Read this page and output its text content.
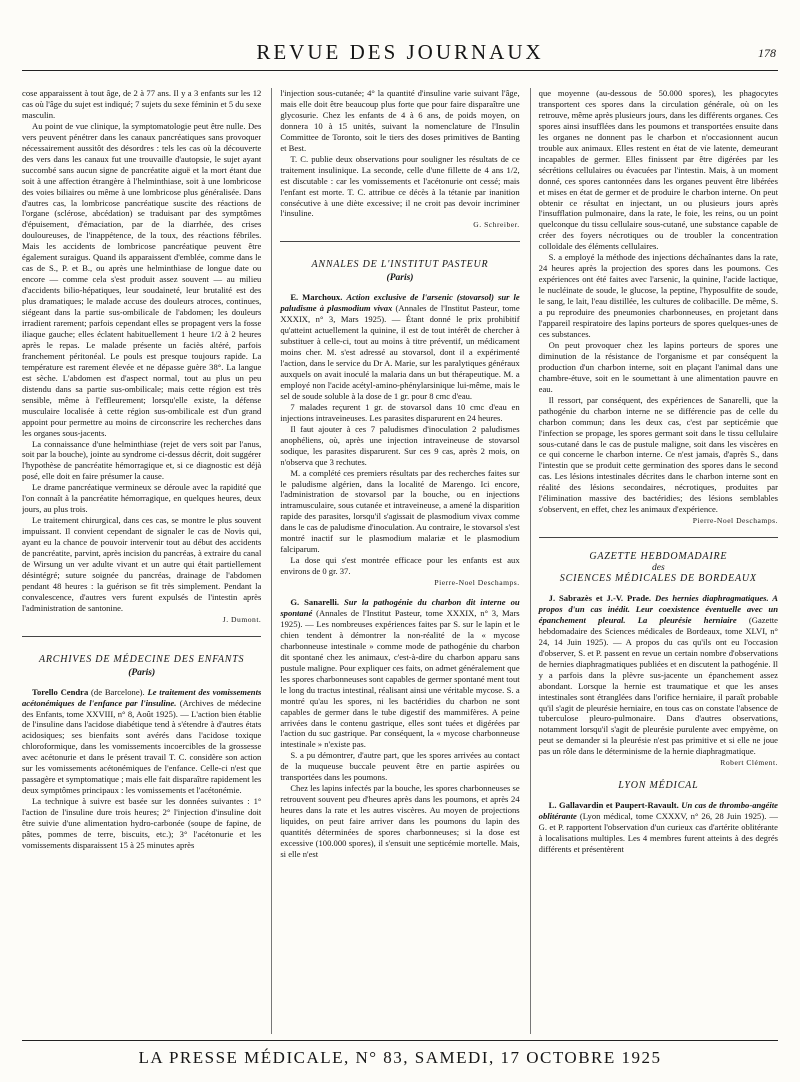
REVUE DES JOURNAUX	178

cose apparaissent à tout âge, de 2 à 77 ans. Il y a 3 enfants sur les 12 cas où l'âge du sujet est indiqué; 7 sujets du sexe féminin et 5 du sexe masculin.

Au point de vue clinique, la symptomatologie peut être nulle. Des vers peuvent pénétrer dans les canaux pancréatiques sans provoquer nécessairement aussitôt des désordres : tels les cas où la découverte des vers dans les canaux fut une trouvaille d'autopsie, le sujet ayant succombé sans aucun signe de pancréatite aiguë et la mort étant due soit à une affection étrangère à l'helminthiase, soit à une lombricose des voies biliaires ou même à une lombricose plus généralisée. Dans d'autres cas, la lombricose pancréatique suscite des réactions de l'organe (sclérose, abcédation) se traduisant par des symptômes d'épuisement, d'émaciation, par de la diarrhée, des crises douloureuses, de l'inappétence, de la toux, des réactions fébriles. Mais les accidents de lombricose pancréatique peuvent être également suraigus. Quand ils apparaissent d'emblée, comme dans le cas de S., P. et B., ou après une helminthiase de longue date ou encore — comme cela s'est produit assez souvent — au milieu d'accidents bilio-hépatiques, leur soudaineté, leur brutalité est des plus dramatiques; le malade accuse des douleurs atroces, continues, siégeant dans la partie sus-ombilicale de l'abdomen; les douleurs irradient rarement; parfois cependant elles se propagent vers la fosse iliaque gauche; elles éclatent habituellement 1 heure 1/2 à 2 heures après le repas. Le malade présente un faciès altéré, parfois franchement péritonéal. Le pouls est presque toujours rapide. La température est rarement élevée et ne dépasse guère 38°. La langue est sèche. L'abdomen est d'aspect normal, tout au plus un peu distendu dans sa partie sus-ombilicale; mais cette région est très sensible, même à l'effleurement; lorsqu'elle existe, la défense musculaire localisée à cette région sus-ombilicale est d'un grand appoint pour permettre au moins de circonscrire les recherches dans les organes sous-jacents.

La connaissance d'une helminthiase (rejet de vers soit par l'anus, soit par la bouche), jointe au syndrome ci-dessus décrit, doit suggérer l'hypothèse de pancréatite hémorragique et, si ce diagnostic est déjà posé, elle doit en faire présumer la cause.

Le drame pancréatique vermineux se déroule avec la rapidité que l'on connaît à la pancréatite hémorragique, en quelques heures, deux jours, au plus trois.

Le traitement chirurgical, dans ces cas, se montre le plus souvent impuissant. Il convient cependant de signaler le cas de Novis qui, ayant eu la chance de pouvoir intervenir tout au début des accidents de pancréatite, parvint, après incision du pancréas, à extraire du canal de Wirsung un ver adulte vivant et un autre qui était partiellement désintégré; suture soignée du pancréas, drainage de l'abdomen pendant 48 heures : la guérison se fit très simplement. Pendant la convalescence, d'autres vers furent expulsés de l'intestin après l'administration de santonine.

J. Dumont.

ARCHIVES DE MÉDECINE DES ENFANTS
(Paris)

Torello Cendra (de Barcelone). Le traitement des vomissements acétonémiques de l'enfance par l'insuline. (Archives de médecine des Enfants, tome XXVIII, n° 8, Août 1925). — L'action bien établie de l'insuline dans l'acidose diabétique tend à s'étendre à d'autres états acidosiques; ses bienfaits sont avérés dans l'acidose toxique chloroformique, dans les vomissements incoercibles de la grossesse avec acétonurie et dans le présent travail T. C. considère son action sur les vomissements acétonémiques de l'enfance. Celle-ci n'est que passagère et symptomatique ; mais elle fait disparaître rapidement les deux symptômes principaux : les vomissements et l'acétonémie.

La technique à suivre est basée sur les données suivantes : 1° l'action de l'insuline dure trois heures; 2° l'injection d'insuline doit être suivie d'une alimentation hydro-carbonée (soupe de fapine, de pâtes, pommes de terre, biscuits, etc.); 3° l'acétonurie et les vomissements disparaissent 15 à 25 minutes après

l'injection sous-cutanée; 4° la quantité d'insuline varie suivant l'âge, mais elle doit être beaucoup plus forte que pour faire disparaître une glycosurie. Chez les enfants de 4 à 6 ans, de poids moyen, on donnera 10 à 15 unités, suivant la nomenclature de l'Insulin Committee de Toronto, soit le tiers des doses primitives de Banting et Best.

T. C. publie deux observations pour souligner les résultats de ce traitement insulinique. La seconde, celle d'une fillette de 4 ans 1/2, est discutable : car les vomissements et l'acétonurie ont cessé; mais l'enfant est morte. T. C. attribue ce décès à la tétanie par inanition consécutive à une diète excessive; il ne croit pas devoir incriminer l'insuline.

G. Schreiber.

ANNALES DE L'INSTITUT PASTEUR
(Paris)

E. Marchoux. Action exclusive de l'arsenic (stovarsol) sur le paludisme à plasmodium vivax (Annales de l'Institut Pasteur, tome XXXIX, n° 3, Mars 1925). — Étant donné le prix prohibitif qu'atteint actuellement la quinine, il est de tout intérêt de chercher à substituer à celle-ci, tout au moins à titre préventif, un médicament moins cher. M. s'est adressé au stovarsol, dont il a expérimenté l'action, dans le service du Dr A. Marie, sur les paralytiques généraux auxquels on avait inoculé la malaria dans un but thérapeutique. M. a employé non l'acide acétyl-amino-phénylarsinique lui-même, mais le sel de soude soluble à la dose de 1 gr. pour 8 cmc d'eau.

7 malades reçurent 1 gr. de stovarsol dans 10 cmc d'eau en injections intraveineuses. Les parasites disparurent en 24 heures.

Il faut ajouter à ces 7 paludismes d'inoculation 2 paludismes anophéliens, où, après une injection intraveineuse de stovarsol sodique, les parasites disparurent. Sur ces 9 cas, après 2 mois, on n'observa que 3 rechutes.

M. a complété ces premiers résultats par des recherches faites sur le paludisme algérien, dans la localité de Marengo. Ici encore, l'administration de stovarsol par la bouche, ou en injections intramusculaire, sous cutanée et intraveineuse, a amené la disparition rapide des parasites, lorsqu'il s'agissait de plasmodium vivax comme dans le cas de paludisme d'inoculation. Au contraire, le stovarsol s'est montré inactif sur le plasmodium malariæ et le plasmodium falciparum.

La dose qui s'est montrée efficace pour les enfants est aux environs de 0 gr. 37.

Pierre-Noel Deschamps.

G. Sanarelli. Sur la pathogénie du charbon dit interne ou spontané (Annales de l'Institut Pasteur, tome XXXIX, n° 3, Mars 1925). — Les nombreuses expériences faites par S. sur le lapin et le chien tendent à démontrer la non-réalité de la « mycose charbonneuse intestinale » comme mode de pathogénie du charbon dit spontané chez les animaux, c'est-à-dire du charbon apparu sans pustule maligne. Pour expliquer ces faits, on admet généralement que les spores charbonneuses sont capables de germer spontané ment tout le long du tractus intestinal, réalisant ainsi une véritable mycose. S. a montré qu'au les spores, ni les bactéridies du charbon ne sont capables de germer dans le tube digestif des mammifères. A peine arrivées dans le contenu gastrique, elles sont tuées et digérées par l'action du suc gastrique. Par conséquent, la « mycose charbonneuse intestinale » n'existe pas.

S. a pu démontrer, d'autre part, que les spores arrivées au contact de la muqueuse buccale peuvent être en partie aspirées ou transportées dans les poumons.

Chez les lapins infectés par la bouche, les spores charbonneuses se retrouvent souvent peu d'heures après dans les poumons, et après 24 heures dans la rate et les autres viscères. Au moyen de projections liquides, on peut faire arriver dans les poumons du lapin des quantités déterminées de spores charbonneuses; si la dose est excessive (100.000 spores), il s'ensuit une septicémie mortelle. Mais, si elle n'est

que moyenne (au-dessous de 50.000 spores), les phagocytes transportent ces spores dans la circulation générale, où on les retrouve, même après plusieurs jours, dans les différents organes. Ces spores ainsi insufflées dans les poumons et transportées ensuite dans les organes ne donnent pas le charbon et n'occasionnent aucun trouble aux animaux. Elles restent en état de vie latente, demeurant incapables de germer. Elles finissent par être digérées par les sécrétions cellulaires ou évacuées par l'intestin. Mais, à un moment donné, ces spores cantonnées dans les organes peuvent être libérées et mises en état de germer et de produire le charbon interne. On peut obtenir ce résultat en injectant, un ou plusieurs jours après l'insufflation pulmonaire, dans la rate, le foie, les reins, ou un point quelconque du tissu cellulaire sous-cutané, une substance capable de créer des foyers nécrotiques ou de troubler la concentration colloïdale des éléments cellulaires.

S. a employé la méthode des injections déchaînantes dans la rate, 24 heures après la projection des spores dans les poumons. Ces expériences ont été faites avec l'arsenic, la quinine, l'acide lactique, le nucléinate de soude, le glucose, la peptine, l'hyposulfite de soude, le sang, le lait, l'eau distillée, les cultures de colibacille. De même, S. a pu reproduire des pneumonies charbonneuses, en projetant dans l'appareil respiratoire des lapins porteurs de spores quelques-unes de ces substances.

On peut provoquer chez les lapins porteurs de spores une diminution de la résistance de l'organisme et par conséquent la production d'un charbon interne, soit en plaçant l'animal dans une chambre-étuve, soit en le soumettant à une alimentation pauvre en eau.

Il ressort, par conséquent, des expériences de Sanarelli, que la pathogénie du charbon interne ne se différencie pas de celle du charbon commun; dans les deux cas, c'est par septicémie que l'infection se propage, les spores germant soit dans le tissu cellulaire sous-cutané dans le cas de pustule maligne, soit dans les viscères en ce qui concerne le charbon interne. Ce n'est jamais, d'après S., dans l'intestin que se produit cette germination des spores dans le second cas. Les lésions intestinales décrites dans le charbon interne sont en réalité des lésions secondaires, nécrotiques, produites par l'élimination massive des bactéridies; des lésions semblables s'observent, en effet, chez les animaux d'expérience.

Pierre-Noel Deschamps.

GAZETTE HEBDOMADAIRE
des
SCIENCES MÉDICALES DE BORDEAUX

J. Sabrazès et J.-V. Prade. Des hernies diaphragmatiques. A propos d'un cas inédit. Leur coexistence éventuelle avec un épanchement pleural. La pleurésie herniaire (Gazette hebdomadaire des Sciences médicales de Bordeaux, tome XLVI, n° 24, 14 Juin 1925). — A propos du cas qu'ils ont eu l'occasion d'observer, S. et P. passent en revue un certain nombre d'observations de hernies diaphragmatiques publiées et en discutent la pathogénie. Il y a parfois dans la plèvre sus-jacente un épanchement assez abondant. Lorsque la hernie est traumatique et que les anses intestinales sont étranglées dans l'orifice herniaire, il paraît probable qu'il s'agit de pleurésie herniaire, en tous cas on constate l'absence de tuberculose pleuro-pulmonaire. Dans d'autres observations, notamment lorsqu'il s'agit de pleurésie purulente avec empyème, on peut se demander si la pleurésie n'est pas primitive et si elle ne joue pas un rôle dans le déterminisme de la hernie diaphragmatique.

Robert Clément.

LYON MÉDICAL

L. Gallavardin et Paupert-Ravault. Un cas de thrombo-angéite oblitérante (Lyon médical, tome CXXXV, n° 26, 28 Juin 1925). — G. et P. rapportent l'observation d'un curieux cas d'artérite oblitérante à localisations multiples. Les 4 membres furent atteints à des degrés différents et présentèrent

LA PRESSE MÉDICALE, N° 83, SAMEDI, 17 OCTOBRE 1925
